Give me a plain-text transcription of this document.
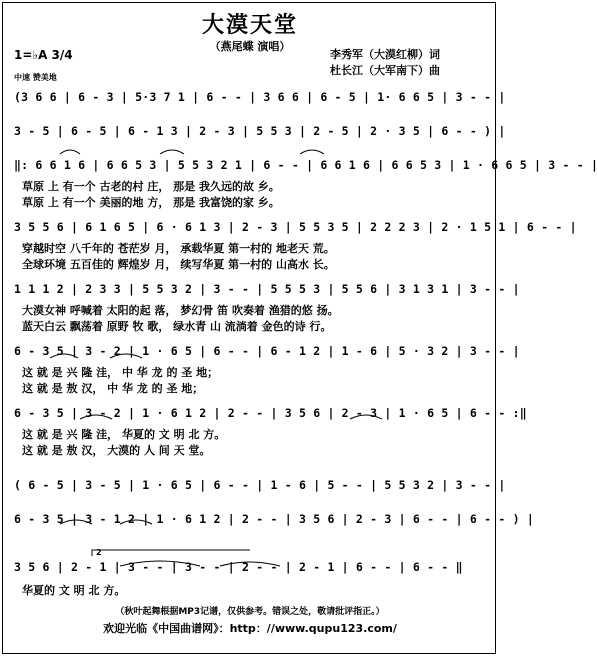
大漠天堂
（燕尾蝶 演唱）
1=♭A 3/4
中速 赞美地
李秀军（大漠红柳）词
杜长江（大军南下）曲
(3 6 6 | 6 - 3 | 5·3 7 1 | 6 - - | 3 6 6 | 6 - 5 | 1· 6 6 5 | 3 - - |
3 - 5 | 6 - 5 | 6 - 1 3 | 2 - 3 | 5 5 3 | 2 - 5 | 2 · 3 5 | 6 - - ) |
‖: 6 6 1 6 | 6 6 5 3 | 5 5 3 2 1 | 6 - - | 6 6 1 6 | 6 6 5 3 | 1 · 6 6 5 | 3 - - |
草原 上 有一个 古老的村 庄， 那是 我久远的故 乡。
草原 上 有一个 美丽的地 方， 那是 我富饶的家 乡。
3 5 5 6 | 6 1 6 5 | 6 · 6 1 3 | 2 - 3 | 5 5 3 5 | 2 2 2 3 | 2 · 1 5 1 | 6 - - |
穿越时空 八千年的 苍茫岁 月， 承载华夏 第一村的 地老天 荒。
全球环境 五百佳的 辉煌岁 月， 续写华夏 第一村的 山高水 长。
1 1 1 2 | 2 3 3 | 5 5 3 2 | 3 - - | 5 5 5 3 | 5 5 6 | 3 1 3 1 | 3 - - |
大漠女神 呼喊着 太阳的起 落， 梦幻骨 笛 吹奏着 渔猎的悠 扬。
蓝天白云 飘荡着 原野 牧 歌， 绿水青 山 流淌着 金色的诗 行。
6 - 3 5 | 3 - 2 | 1 · 6 5 | 6 - - | 6 - 1 2 | 1 - 6 | 5 · 3 2 | 3 - - |
这 就 是 兴 隆 洼， 中 华 龙 的 圣 地；
这 就 是 敖 汉， 中 华 龙 的 圣 地；
6 - 3 5 | 3 - 2 | 1 · 6 1 2 | 2 - - | 3 5 6 | 2 - 3 | 1 · 6 5 | 6 - - :‖
这 就 是 兴 隆 洼， 华夏的 文 明 北 方。
这 就 是 敖 汉， 大漠的 人 间 天 堂。
( 6 - 5 | 3 - 5 | 1 · 6 5 | 6 - - | 1 - 6 | 5 - - | 5 5 3 2 | 3 - - |
6 - 3 5 | 3 - 1 2 | 1 · 6 1 2 | 2 - - | 3 5 6 | 2 - 3 | 6 - - | 6 - - ) |
2
3 5 6 | 2 - 1 | 3 - - | 3 - - | 2 - - | 2 - 1 | 6 - - | 6 - - ‖
华夏的 文 明 北 方。
（秋叶起舞根据MP3记谱，仅供参考。错误之处，敬请批评指正。）
欢迎光临《中国曲谱网》：http：//www.qupu123.com/
